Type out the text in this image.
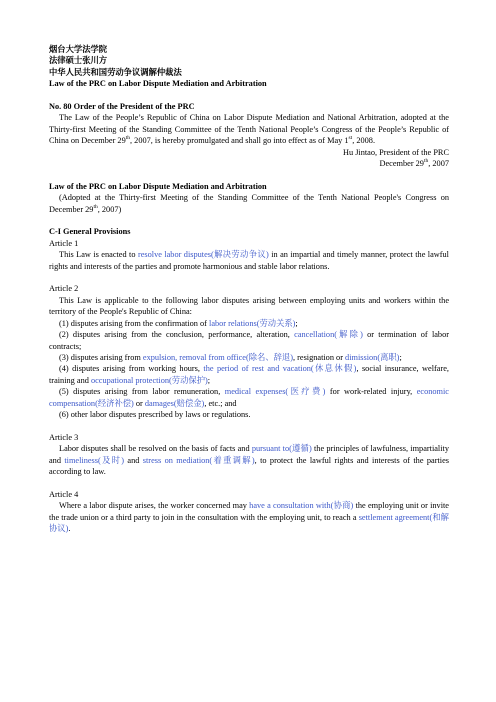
烟台大学法学院

法律硕士张川方

中华人民共和国劳动争议调解仲裁法

Law of the PRC on Labor Dispute Mediation and Arbitration

No. 80 Order of the President of the PRC

The Law of the People’s Republic of China on Labor Dispute Mediation and National Arbitration, adopted at the Thirty-first Meeting of the Standing Committee of the Tenth National People’s Congress of the People’s Republic of China on December 29th, 2007, is hereby promulgated and shall go into effect as of May 1st, 2008.

Hu Jintao, President of the PRC

December 29th, 2007

Law of the PRC on Labor Dispute Mediation and Arbitration

(Adopted at the Thirty-first Meeting of the Standing Committee of the Tenth National People's Congress on December 29th, 2007)

C-I General Provisions

Article 1

This Law is enacted to resolve labor disputes(解决劳动争议) in an impartial and timely manner, protect the lawful rights and interests of the parties and promote harmonious and stable labor relations.

Article 2

This Law is applicable to the following labor disputes arising between employing units and workers within the territory of the People's Republic of China:

(1) disputes arising from the confirmation of labor relations(劳动关系);

(2) disputes arising from the conclusion, performance, alteration, cancellation(解除) or termination of labor contracts;

(3) disputes arising from expulsion, removal from office(除名、辞退), resignation or dimission(离职);

(4) disputes arising from working hours, the period of rest and vacation(休息休假), social insurance, welfare, training and occupational protection(劳动保护);

(5) disputes arising from labor remuneration, medical expenses(医疗费) for work-related injury, economic compensation(经济补偿) or damages(赔偿金), etc.; and

(6) other labor disputes prescribed by laws or regulations.

Article 3

Labor disputes shall be resolved on the basis of facts and pursuant to(遵循) the principles of lawfulness, impartiality and timeliness(及时) and stress on mediation(着重调解), to protect the lawful rights and interests of the parties according to law.

Article 4

Where a labor dispute arises, the worker concerned may have a consultation with(协商) the employing unit or invite the trade union or a third party to join in the consultation with the employing unit, to reach a settlement agreement(和解协议).
